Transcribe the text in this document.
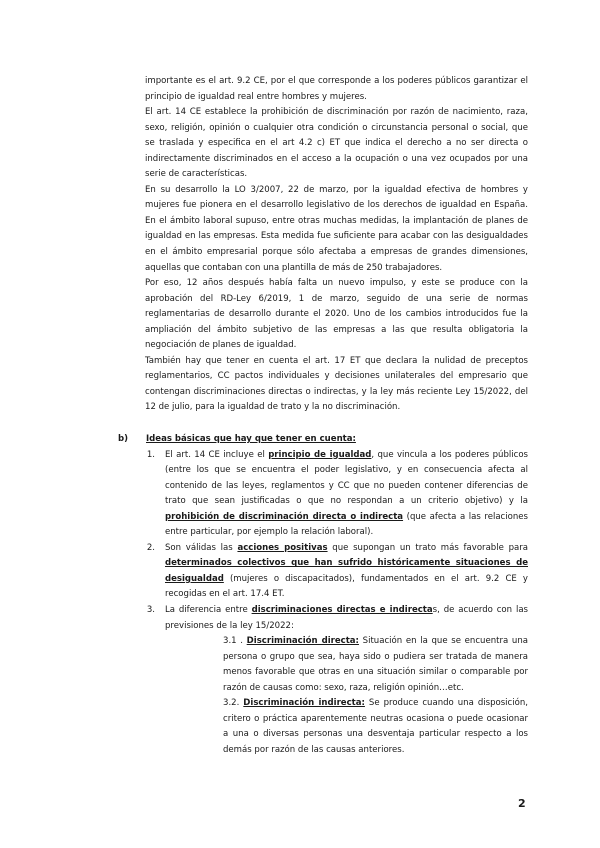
importante es el art. 9.2 CE, por el que corresponde a los poderes públicos garantizar el principio de igualdad real entre hombres y mujeres.

El art. 14 CE establece la prohibición de discriminación por razón de nacimiento, raza, sexo, religión, opinión o cualquier otra condición o circunstancia personal o social, que se traslada y especifica en el art 4.2 c) ET que indica el derecho a no ser directa o indirectamente discriminados en el acceso a la ocupación o una vez ocupados por una serie de características.

En su desarrollo la LO 3/2007, 22 de marzo, por la igualdad efectiva de hombres y mujeres fue pionera en el desarrollo legislativo de los derechos de igualdad en España. En el ámbito laboral supuso, entre otras muchas medidas, la implantación de planes de igualdad en las empresas. Esta medida fue suficiente para acabar con las desigualdades en el ámbito empresarial porque sólo afectaba a empresas de grandes dimensiones, aquellas que contaban con una plantilla de más de 250 trabajadores.

Por eso, 12 años después había falta un nuevo impulso, y este se produce con la aprobación del RD-Ley 6/2019, 1 de marzo, seguido de una serie de normas reglamentarias de desarrollo durante el 2020. Uno de los cambios introducidos fue la ampliación del ámbito subjetivo de las empresas a las que resulta obligatoria la negociación de planes de igualdad.

También hay que tener en cuenta el art. 17 ET que declara la nulidad de preceptos reglamentarios, CC pactos individuales y decisiones unilaterales del empresario que contengan discriminaciones directas o indirectas, y la ley más reciente Ley 15/2022, del 12 de julio, para la igualdad de trato y la no discriminación.

b)	Ideas básicas que hay que tener en cuenta:
1.	El art. 14 CE incluye el principio de igualdad, que vincula a los poderes públicos (entre los que se encuentra el poder legislativo, y en consecuencia afecta al contenido de las leyes, reglamentos y CC que no pueden contener diferencias de trato que sean justificadas o que no respondan a un criterio objetivo) y la prohibición de discriminación directa o indirecta (que afecta a las relaciones entre particular, por ejemplo la relación laboral).
2.	Son válidas las acciones positivas que supongan un trato más favorable para determinados colectivos que han sufrido históricamente situaciones de desigualdad (mujeres o discapacitados), fundamentados en el art. 9.2 CE y recogidas en el art. 17.4 ET.
3.	La diferencia entre discriminaciones directas e indirectas, de acuerdo con las previsiones de la ley 15/2022:

3.1 . Discriminación directa: Situación en la que se encuentra una persona o grupo que sea, haya sido o pudiera ser tratada de manera menos favorable que otras en una situación similar o comparable por razón de causas como: sexo, raza, religión opinión…etc.

3.2. Discriminación indirecta: Se produce cuando una disposición, critero o práctica aparentemente neutras ocasiona o puede ocasionar a una o diversas personas una desventaja particular respecto a los demás por razón de las causas anteriores.

2
